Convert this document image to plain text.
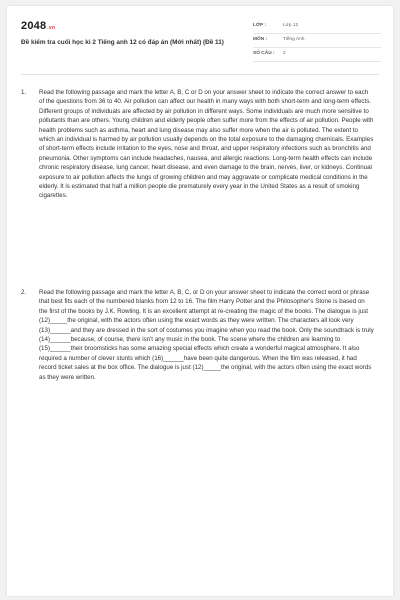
2048.vn
Đề kiểm tra cuối học kì 2 Tiếng anh 12 có đáp án (Mới nhất) (Đề 11)
LỚP :	Lớp 12
MÔN :	Tiếng Anh
SỐ CÂU : 2
1. Read the following passage and mark the letter A, B, C or D on your answer sheet to indicate the correct answer to each of the questions from 36 to 40. Air pollution can affect our health in many ways with both short-term and long-term effects. Different groups of individuals are affected by air pollution in different ways. Some individuals are much more sensitive to pollutants than are others. Young children and elderly people often suffer more from the effects of air pollution. People with health problems such as asthma, heart and lung disease may also suffer more when the air is polluted. The extent to which an individual is harmed by air pollution usually depends on the total exposure to the damaging chemicals. Examples of short-term effects include irritation to the eyes, nose and throat, and upper respiratory infections such as bronchitis and pneumonia. Other symptoms can include headaches, nausea, and allergic reactions. Long-term health effects can include chronic respiratory disease, lung cancer, heart disease, and even damage to the brain, nerves, liver, or kidneys. Continual exposure to air pollution affects the lungs of growing children and may aggravate or complicate medical conditions in the elderly. It is estimated that half a million people die prematurely every year in the United States as a result of smoking cigarettes.
2. Read the following passage and mark the letter A, B, C, or D on your answer sheet to indicate the correct word or phrase that best fits each of the numbered blanks from 12 to 16. The film Harry Potter and the Philosopher's Stone is based on the first of the books by J.K. Rowling. It is an excellent attempt at re-creating the magic of the books. The dialogue is just (12)_____the original, with the actors often using the exact words as they were written. The characters all look very (13)______and they are dressed in the sort of costumes you imagine when you read the book. Only the soundtrack is truly (14)______because, of course, there isn't any music in the book. The scene where the children are learning to (15)______their broomsticks has some amazing special effects which create a wonderful magical atmosphere. It also required a number of clever stunts which (16)______have been quite dangerous. When the film was released, it had record ticket sales at the box office. The dialogue is just (12)_____the original, with the actors often using the exact words as they were written.
